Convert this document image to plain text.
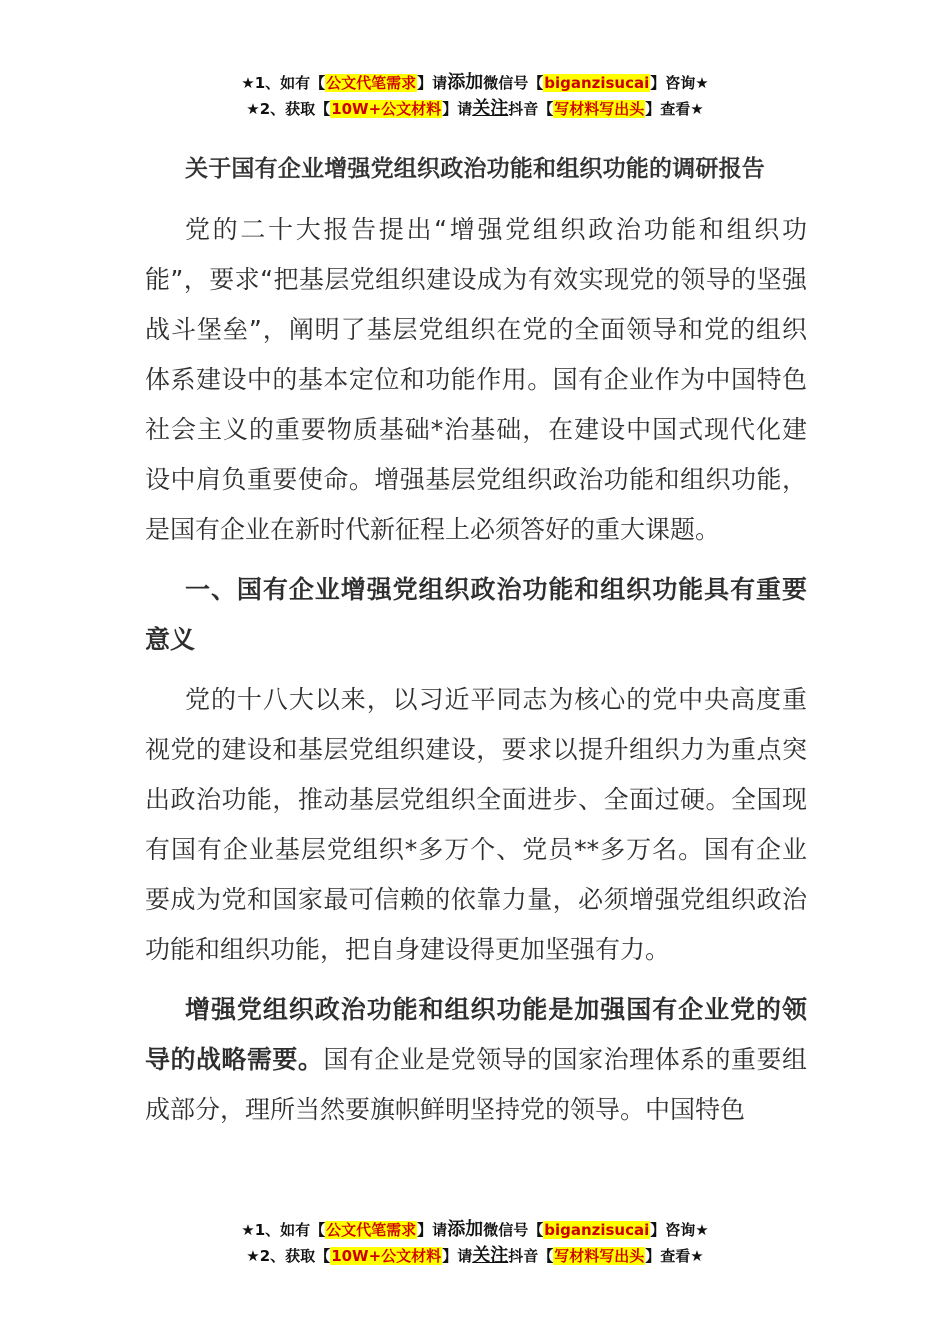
★1、如有【公文代笔需求】请添加微信号【biganzisucai】咨询★
★2、获取【10W+公文材料】请关注抖音【写材料写出头】查看★
关于国有企业增强党组织政治功能和组织功能的调研报告

党的二十大报告提出“增强党组织政治功能和组织功能”，要求“把基层党组织建设成为有效实现党的领导的坚强战斗堡垒”，阐明了基层党组织在党的全面领导和党的组织体系建设中的基本定位和功能作用。国有企业作为中国特色社会主义的重要物质基础*治基础，在建设中国式现代化建设中肩负重要使命。增强基层党组织政治功能和组织功能，是国有企业在新时代新征程上必须答好的重大课题。

一、国有企业增强党组织政治功能和组织功能具有重要意义

党的十八大以来，以习近平同志为核心的党中央高度重视党的建设和基层党组织建设，要求以提升组织力为重点突出政治功能，推动基层党组织全面进步、全面过硬。全国现有国有企业基层党组织*多万个、党员**多万名。国有企业要成为党和国家最可信赖的依靠力量，必须增强党组织政治功能和组织功能，把自身建设得更加坚强有力。

增强党组织政治功能和组织功能是加强国有企业党的领导的战略需要。国有企业是党领导的国家治理体系的重要组成部分，理所当然要旗帜鲜明坚持党的领导。中国特色

★1、如有【公文代笔需求】请添加微信号【biganzisucai】咨询★
★2、获取【10W+公文材料】请关注抖音【写材料写出头】查看★
